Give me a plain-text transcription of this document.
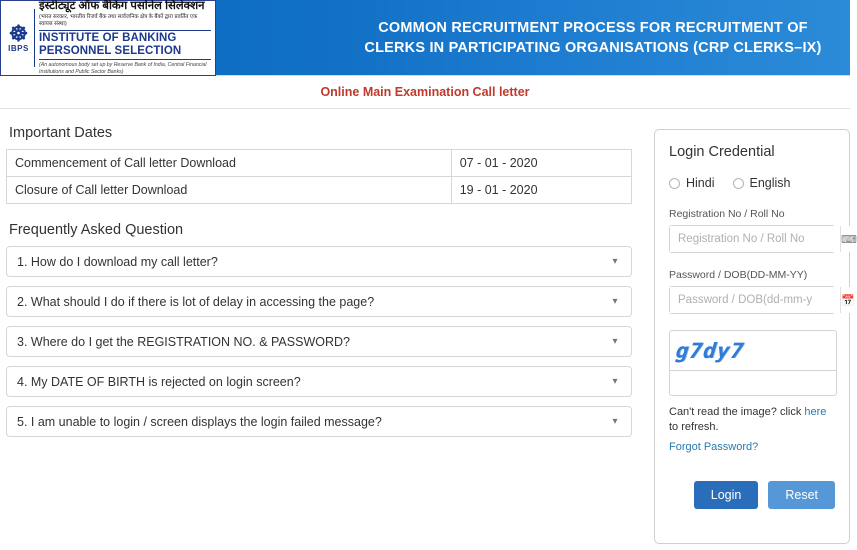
☸
IBPS
इंस्टीट्यूट ऑफ बैंकिंग पर्सोनेल सिलेक्शन
(भारत सरकार, भारतीय रिजर्व बैंक तथा सार्वजनिक क्षेत्र के बैंकों द्वारा प्रवर्तित एक स्वायत्त संस्था)
INSTITUTE OF BANKING PERSONNEL SELECTION
(An autonomous body set up by Reserve Bank of India, Central Financial Institutions and Public Sector Banks)
COMMON RECRUITMENT PROCESS FOR RECRUITMENT OF
CLERKS IN PARTICIPATING ORGANISATIONS (CRP CLERKS–IX)
Online Main Examination Call letter
Important Dates
Commencement of Call letter Download	07 - 01 - 2020
Closure of Call letter Download	19 - 01 - 2020
Frequently Asked Question
1. How do I download my call letter?	▾

2. What should I do if there is lot of delay in accessing the page?	▾
3. Where do I get the REGISTRATION NO. & PASSWORD?	▾
4. My DATE OF BIRTH is rejected on login screen?	▾
5. I am unable to login / screen displays the login failed message?	▾
Login Credential
Hindi	English
Registration No / Roll No
Registration No / Roll No
⌨
Password / DOB(DD-MM-YY)
Password / DOB(dd-mm-y
📅
g7dy7
Can't read the image? click here to refresh.
Forgot Password?
Login	Reset
